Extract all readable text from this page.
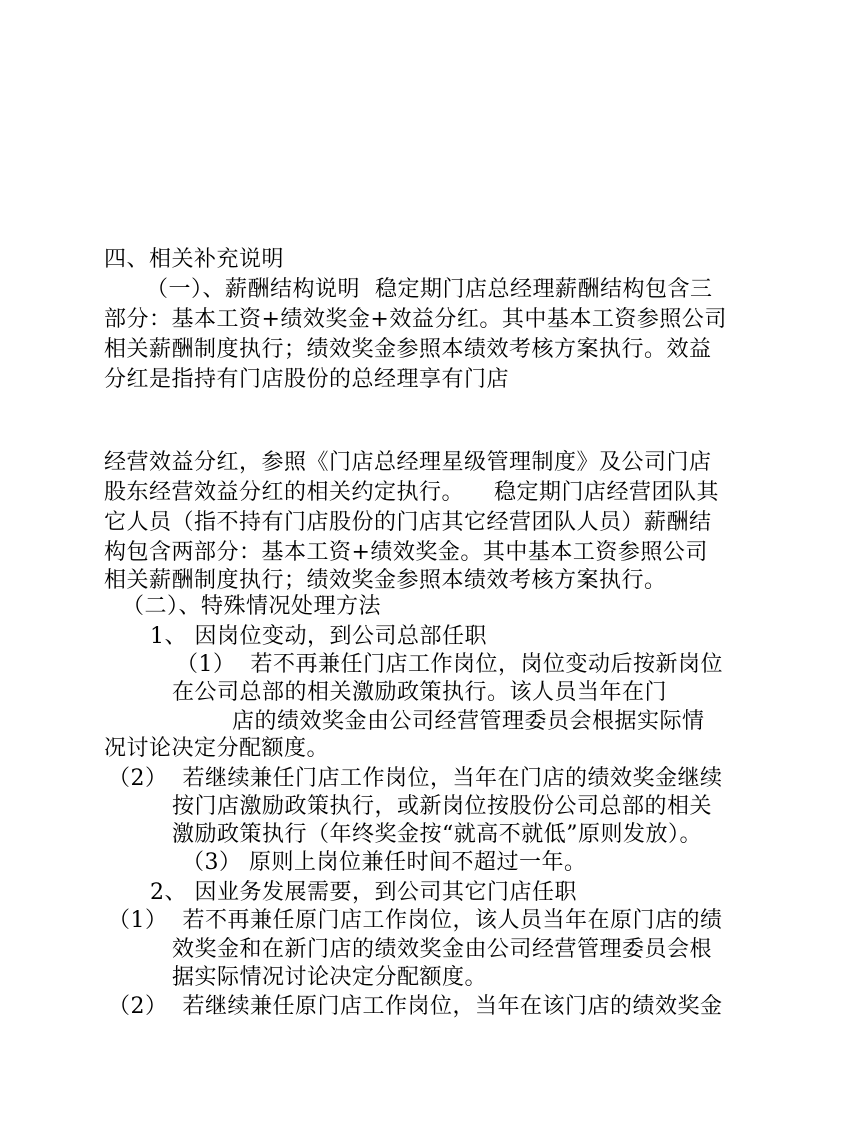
四、相关补充说明
（一）、薪酬结构说明  稳定期门店总经理薪酬结构包含三
部分：基本工资+绩效奖金+效益分红。其中基本工资参照公司
相关薪酬制度执行；绩效奖金参照本绩效考核方案执行。效益
分红是指持有门店股份的总经理享有门店
经营效益分红，参照《门店总经理星级管理制度》及公司门店
股东经营效益分红的相关约定执行。    稳定期门店经营团队其
它人员（指不持有门店股份的门店其它经营团队人员）薪酬结
构包含两部分：基本工资+绩效奖金。其中基本工资参照公司
相关薪酬制度执行；绩效奖金参照本绩效考核方案执行。
（二）、特殊情况处理方法
1、 因岗位变动，到公司总部任职
（1）  若不再兼任门店工作岗位，岗位变动后按新岗位
在公司总部的相关激励政策执行。该人员当年在门
店的绩效奖金由公司经营管理委员会根据实际情
况讨论决定分配额度。
（2）  若继续兼任门店工作岗位，当年在门店的绩效奖金继续
按门店激励政策执行，或新岗位按股份公司总部的相关
激励政策执行（年终奖金按“就高不就低”原则发放）。
（3） 原则上岗位兼任时间不超过一年。
2、 因业务发展需要，到公司其它门店任职
（1）  若不再兼任原门店工作岗位，该人员当年在原门店的绩
效奖金和在新门店的绩效奖金由公司经营管理委员会根
据实际情况讨论决定分配额度。
（2）  若继续兼任原门店工作岗位，当年在该门店的绩效奖金
